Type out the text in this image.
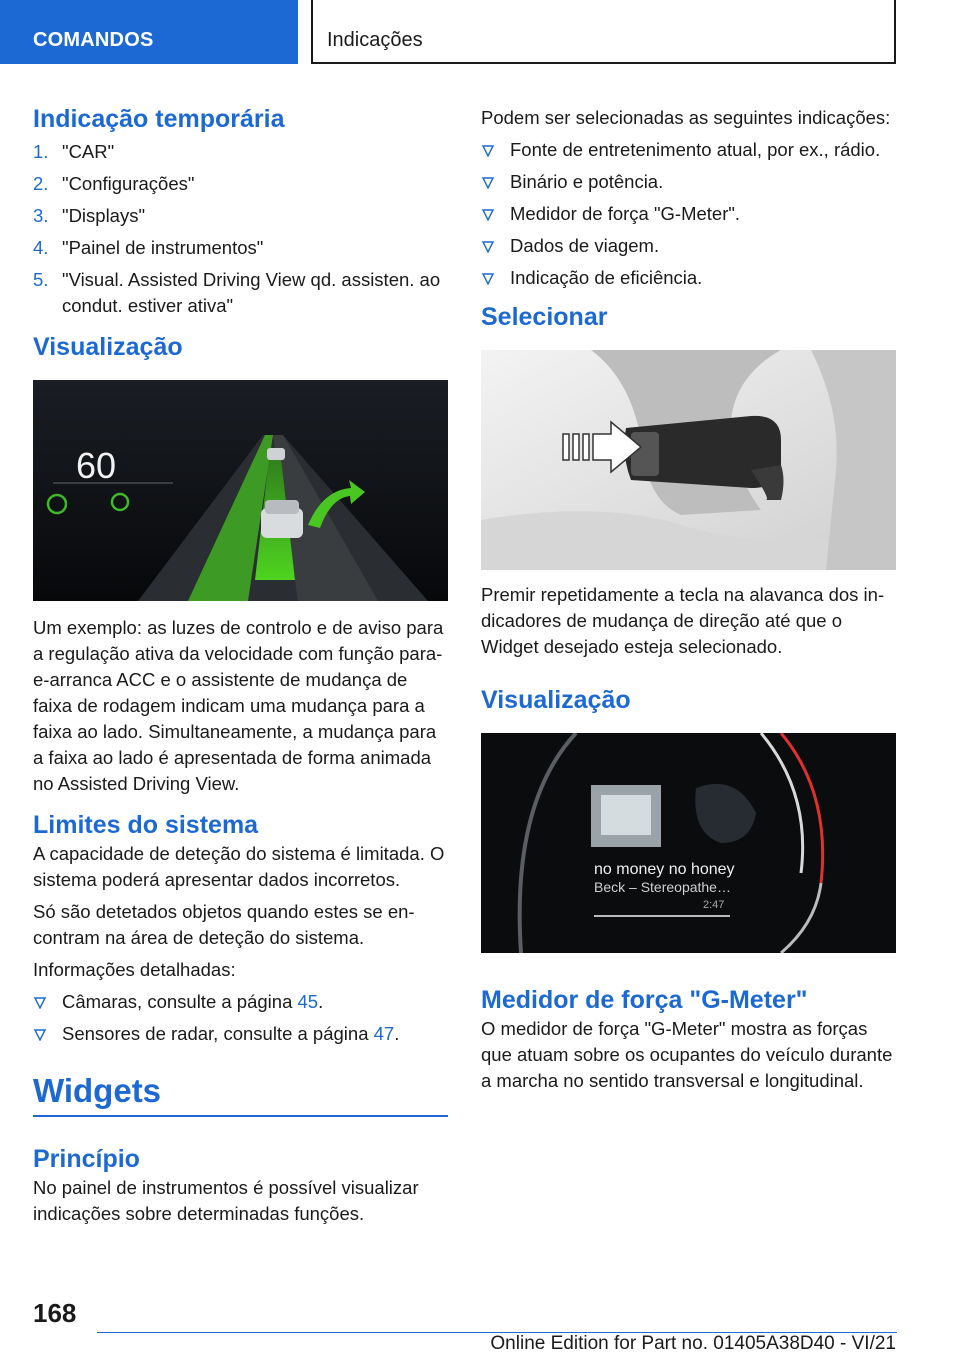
COMANDOS	Indicações
Indicação temporária
1. "CAR"
2. "Configurações"
3. "Displays"
4. "Painel de instrumentos"
5. "Visual. Assisted Driving View qd. assisten. ao condut. estiver ativa"
Visualização
60

Um exemplo: as luzes de controlo e de aviso para a regulação ativa da velocidade com função para-e-arranca ACC e o assistente de mudança de faixa de rodagem indicam uma mudança para a faixa ao lado. Simultaneamente, a mudança para a faixa ao lado é apresentada de forma animada no Assisted Driving View.

Limites do sistema

A capacidade de deteção do sistema é limitada. O sistema poderá apresentar dados incorretos.

Só são detetados objetos quando estes se encontram na área de deteção do sistema.

Informações detalhadas:

Câmaras, consulte a página 45.
Sensores de radar, consulte a página 47.
Widgets
Princípio

No painel de instrumentos é possível visualizar indicações sobre determinadas funções.

Podem ser selecionadas as seguintes indicações:

Fonte de entretenimento atual, por ex., rádio.
Binário e potência.
Medidor de força "G-Meter".
Dados de viagem.
Indicação de eficiência.
Selecionar

Premir repetidamente a tecla na alavanca dos indicadores de mudança de direção até que o Widget desejado esteja selecionado.

Visualização
no money no honey
Beck – Stereopathe…
2:47
Medidor de força "G-Meter"

O medidor de força "G-Meter" mostra as forças que atuam sobre os ocupantes do veículo durante a marcha no sentido transversal e longitudinal.

168
Online Edition for Part no. 01405A38D40 - VI/21
